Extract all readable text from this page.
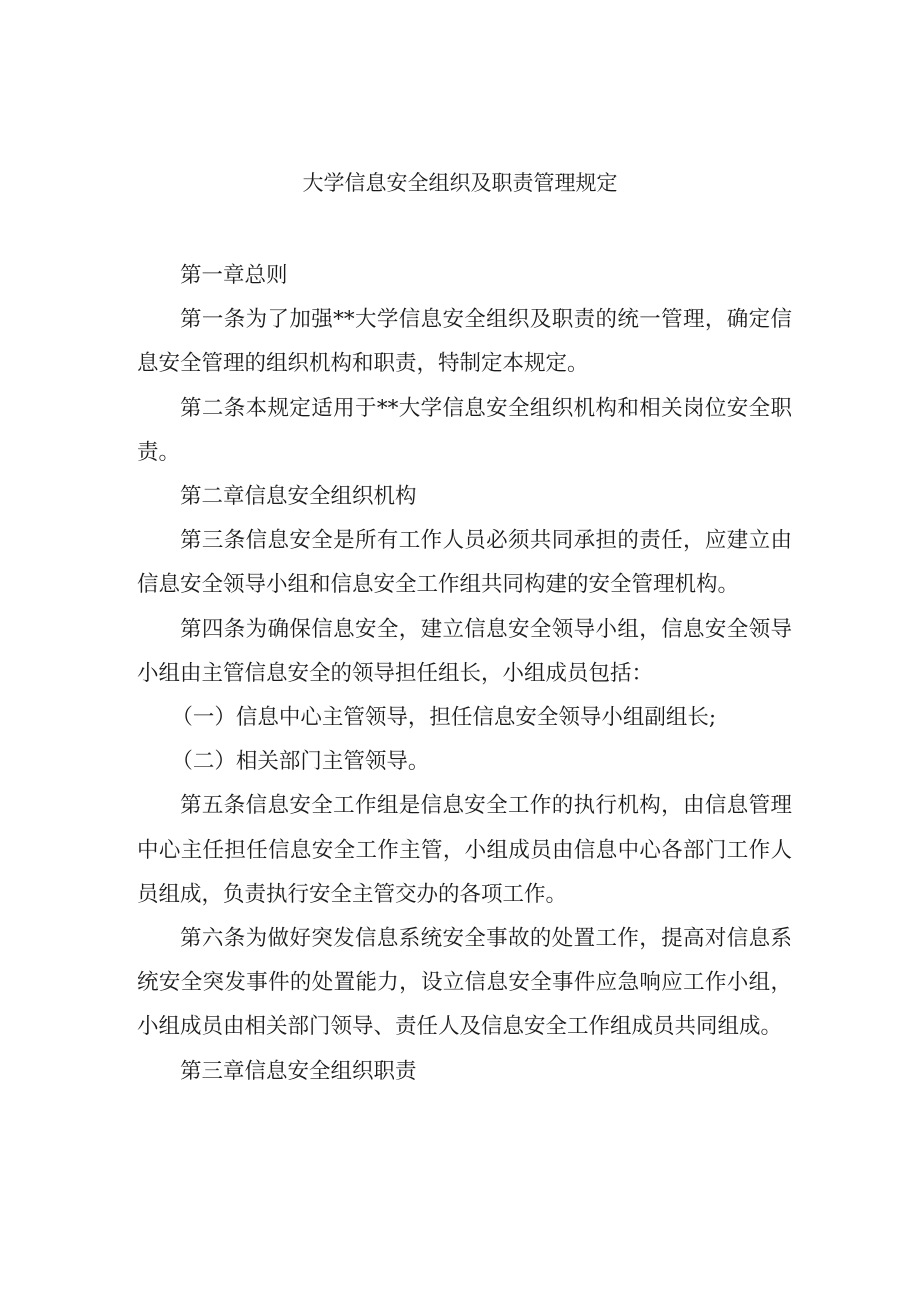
大学信息安全组织及职责管理规定

第一章总则

第一条为了加强**大学信息安全组织及职责的统一管理，确定信息安全管理的组织机构和职责，特制定本规定。

第二条本规定适用于**大学信息安全组织机构和相关岗位安全职责。

第二章信息安全组织机构

第三条信息安全是所有工作人员必须共同承担的责任，应建立由信息安全领导小组和信息安全工作组共同构建的安全管理机构。

第四条为确保信息安全，建立信息安全领导小组，信息安全领导小组由主管信息安全的领导担任组长，小组成员包括：

（一）信息中心主管领导，担任信息安全领导小组副组长;

（二）相关部门主管领导。

第五条信息安全工作组是信息安全工作的执行机构，由信息管理中心主任担任信息安全工作主管，小组成员由信息中心各部门工作人员组成，负责执行安全主管交办的各项工作。

第六条为做好突发信息系统安全事故的处置工作，提高对信息系统安全突发事件的处置能力，设立信息安全事件应急响应工作小组，小组成员由相关部门领导、责任人及信息安全工作组成员共同组成。

第三章信息安全组织职责
